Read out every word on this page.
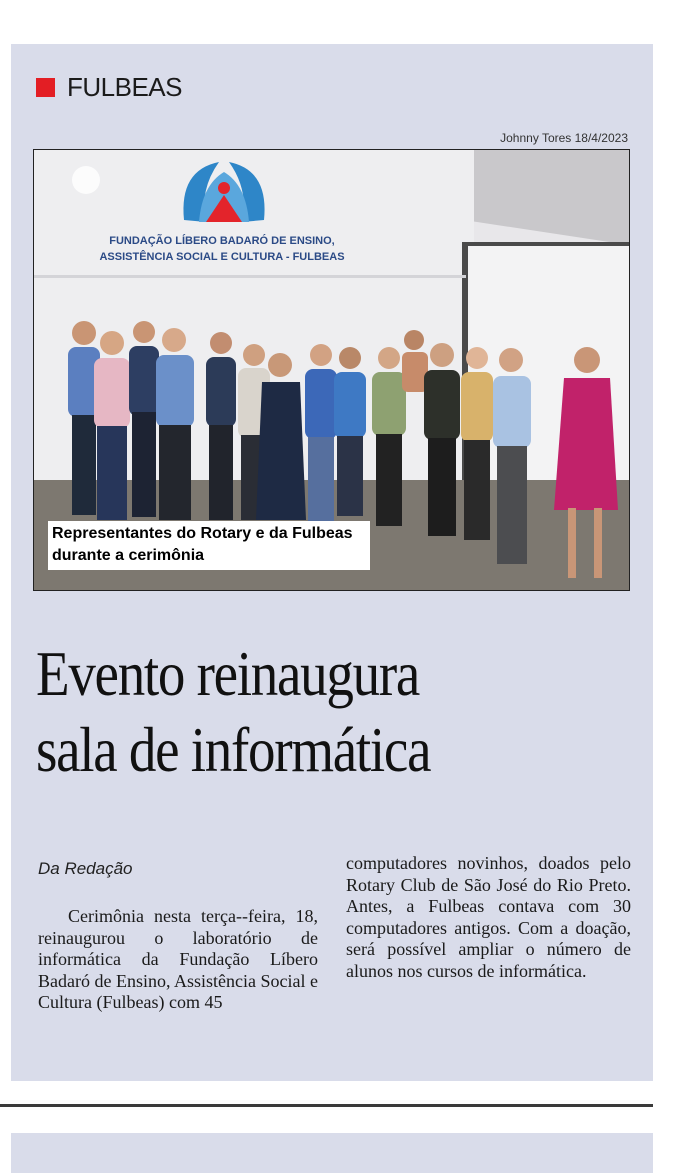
FULBEAS
Johnny Tores 18/4/2023
FUNDAÇÃO LÍBERO BADARÓ DE ENSINO,
ASSISTÊNCIA SOCIAL E CULTURA - FULBEAS
Representantes do Rotary e da Fulbeas durante a cerimônia
Evento reinaugura
sala de informática
Da Redação
Cerimônia nesta terça--feira, 18, reinaugurou o laboratório de informática da Fundação Líbero Badaró de Ensino, Assistência Social e Cultura (Fulbeas) com 45
computadores novinhos, doados pelo Rotary Club de São José do Rio Preto. Antes, a Fulbeas contava com 30 computadores antigos. Com a doação, será possível ampliar o número de alunos nos cursos de informática.
